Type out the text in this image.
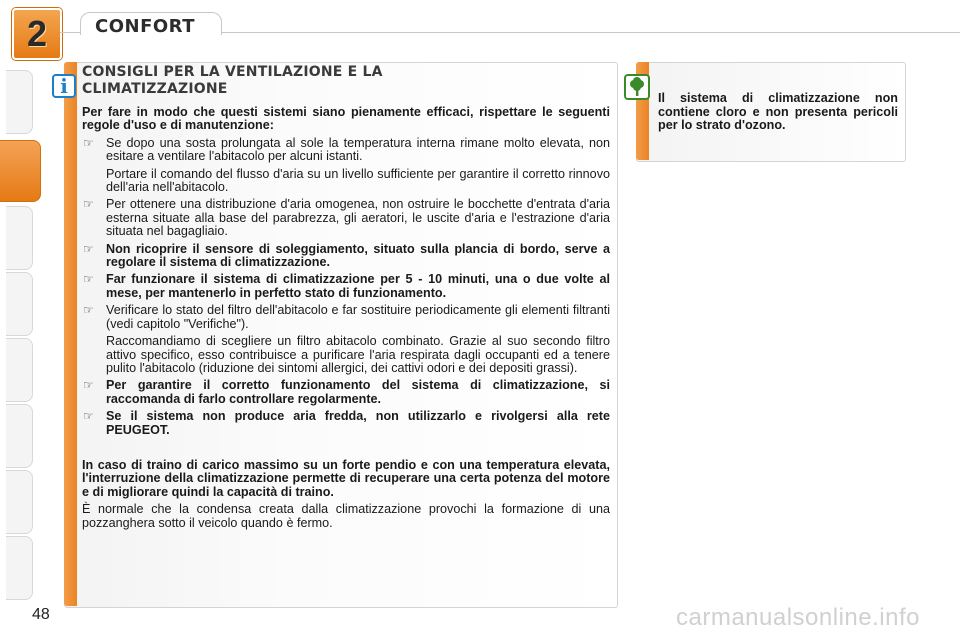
2	CONFORT
i
CONSIGLI PER LA VENTILAZIONE E LA CLIMATIZZAZIONE

Per fare in modo che questi sistemi siano pienamente efficaci, rispettare le seguenti regole d'uso e di manutenzione:

☞ Se dopo una sosta prolungata al sole la temperatura interna rimane molto elevata, non esitare a ventilare l'abitacolo per alcuni istanti.

Portare il comando del flusso d'aria su un livello sufficiente per garantire il corretto rinnovo dell'aria nell'abitacolo.

☞ Per ottenere una distribuzione d'aria omogenea, non ostruire le bocchette d'entrata d'aria esterna situate alla base del parabrezza, gli aeratori, le uscite d'aria e l'estrazione d'aria situata nel bagagliaio.

☞ Non ricoprire il sensore di soleggiamento, situato sulla plancia di bordo, serve a regolare il sistema di climatizzazione.

☞ Far funzionare il sistema di climatizzazione per 5 - 10 minuti, una o due volte al mese, per mantenerlo in perfetto stato di funzionamento.

☞ Verificare lo stato del filtro dell'abitacolo e far sostituire periodicamente gli elementi filtranti (vedi capitolo "Verifiche").

Raccomandiamo di scegliere un filtro abitacolo combinato. Grazie al suo secondo filtro attivo specifico, esso contribuisce a purificare l'aria respirata dagli occupanti ed a tenere pulito l'abitacolo (riduzione dei sintomi allergici, dei cattivi odori e dei depositi grassi).

☞ Per garantire il corretto funzionamento del sistema di climatizzazione, si raccomanda di farlo controllare regolarmente.

☞ Se il sistema non produce aria fredda, non utilizzarlo e rivolgersi alla rete PEUGEOT.

In caso di traino di carico massimo su un forte pendio e con una temperatura elevata, l'interruzione della climatizzazione permette di recuperare una certa potenza del motore e di migliorare quindi la capacità di traino.

È normale che la condensa creata dalla climatizzazione provochi la formazione di una pozzanghera sotto il veicolo quando è fermo.

Il sistema di climatizzazione non contiene cloro e non presenta pericoli per lo strato d'ozono.
48	carmanualsonline.info
